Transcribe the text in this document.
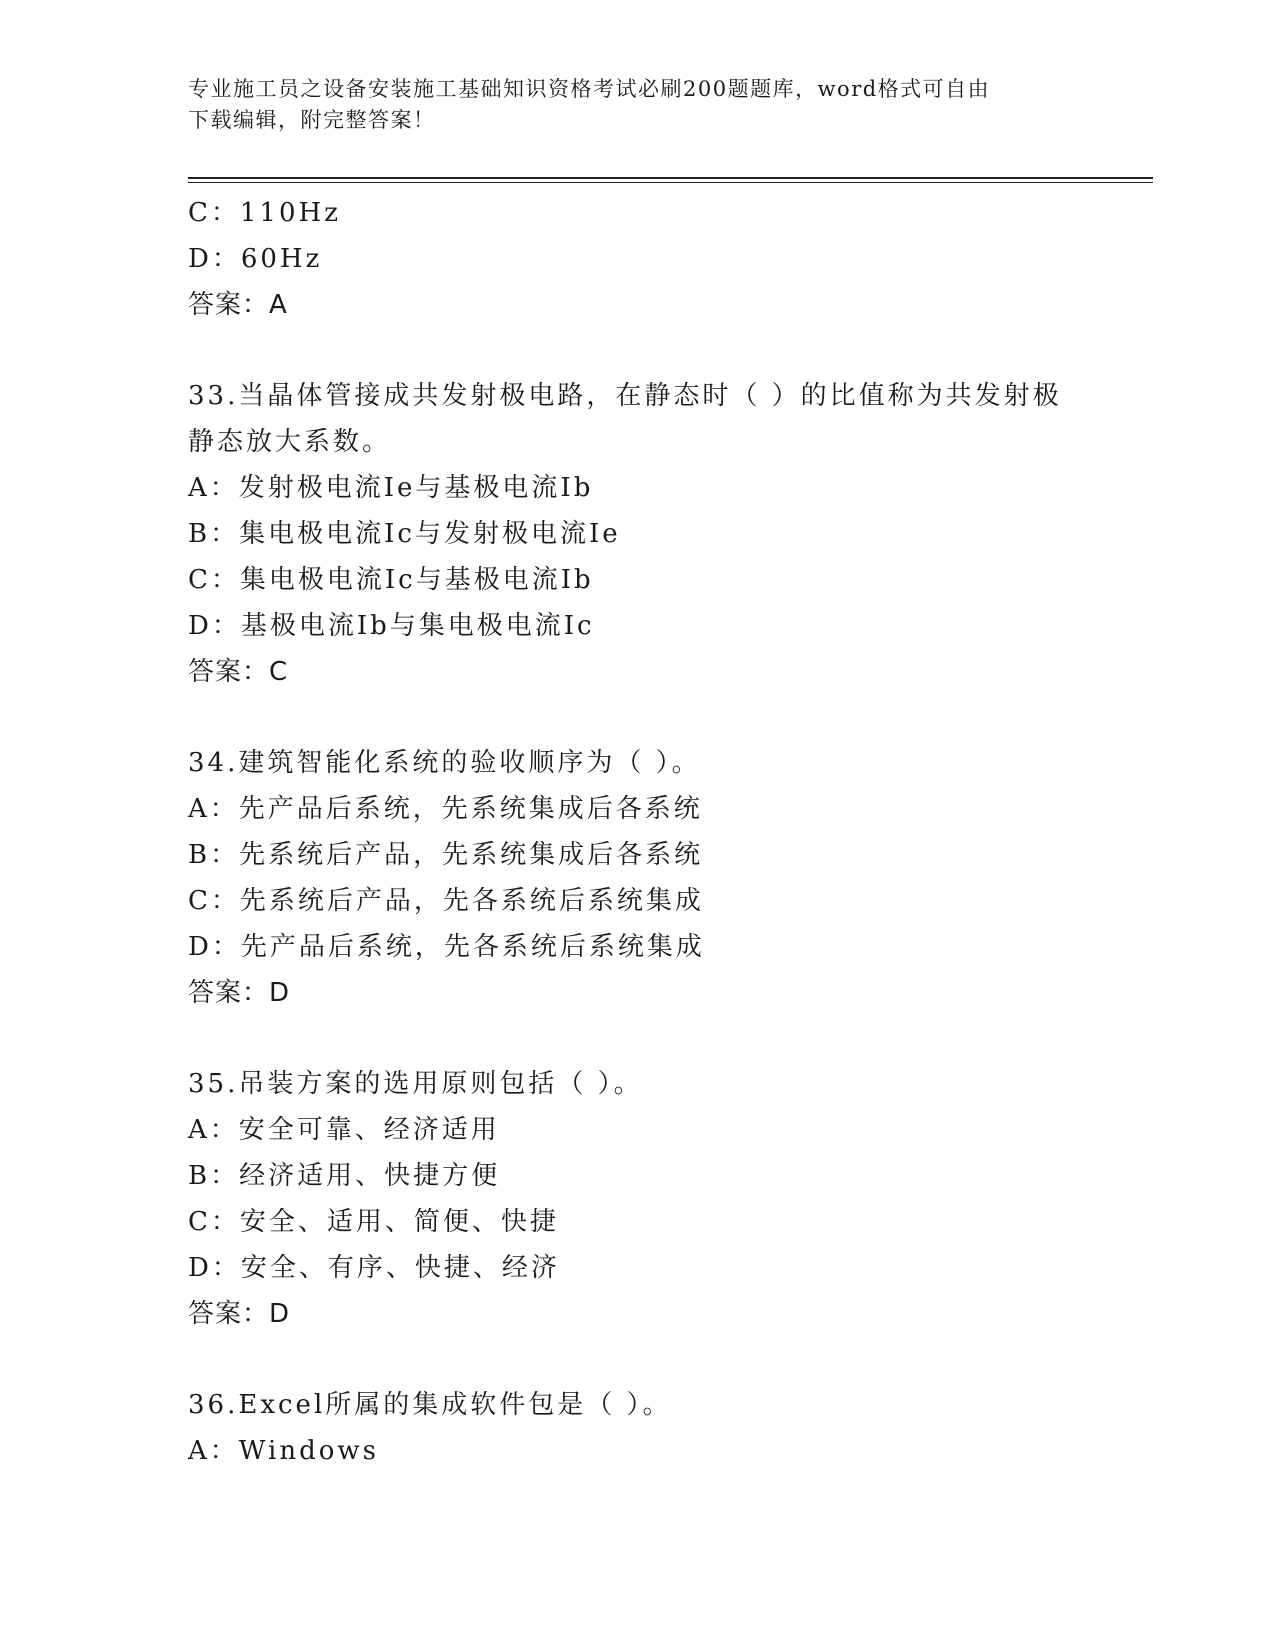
专业施工员之设备安装施工基础知识资格考试必刷200题题库，word格式可自由
下载编辑，附完整答案！
C：110Hz
D：60Hz
答案：A
33.当晶体管接成共发射极电路，在静态时（ ）的比值称为共发射极
静态放大系数。
A：发射极电流Ie与基极电流Ib
B：集电极电流Ic与发射极电流Ie
C：集电极电流Ic与基极电流Ib
D：基极电流Ib与集电极电流Ic
答案：C
34.建筑智能化系统的验收顺序为（ ）。
A：先产品后系统，先系统集成后各系统
B：先系统后产品，先系统集成后各系统
C：先系统后产品，先各系统后系统集成
D：先产品后系统，先各系统后系统集成
答案：D
35.吊装方案的选用原则包括（ ）。
A：安全可靠、经济适用
B：经济适用、快捷方便
C：安全、适用、简便、快捷
D：安全、有序、快捷、经济
答案：D
36.Excel所属的集成软件包是（ ）。
A：Windows
